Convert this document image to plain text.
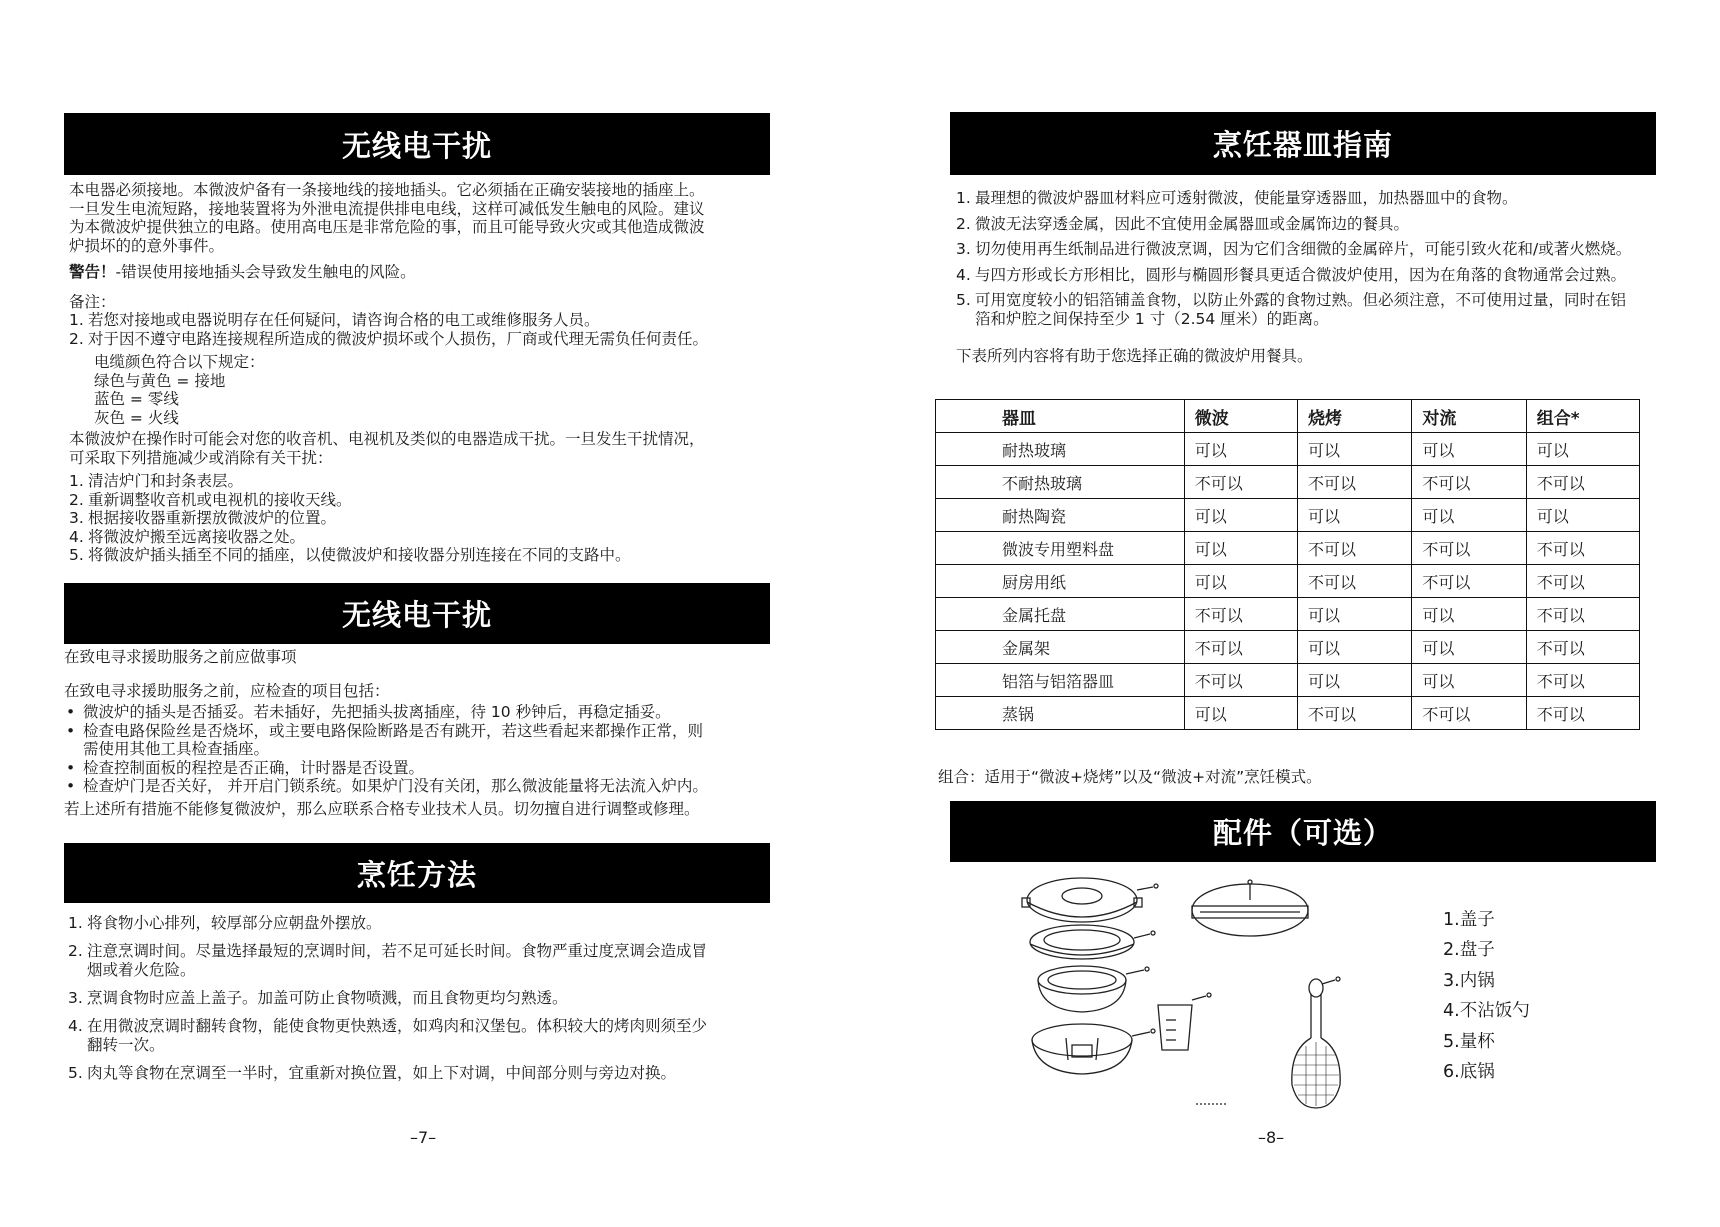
无线电干扰

本电器必须接地。本微波炉备有一条接地线的接地插头。它必须插在正确安装接地的插座上。

一旦发生电流短路，接地装置将为外泄电流提供排电电线，这样可减低发生触电的风险。建议

为本微波炉提供独立的电路。使用高电压是非常危险的事，而且可能导致火灾或其他造成微波

炉损坏的的意外事件。

警告！-错误使用接地插头会导致发生触电的风险。

备注：

1. 若您对接地或电器说明存在任何疑问，请咨询合格的电工或维修服务人员。
2. 对于因不遵守电路连接规程所造成的微波炉损坏或个人损伤，厂商或代理无需负任何责任。

电缆颜色符合以下规定：

绿色与黄色 = 接地

蓝色 = 零线

灰色 = 火线

本微波炉在操作时可能会对您的收音机、电视机及类似的电器造成干扰。一旦发生干扰情况，

可采取下列措施减少或消除有关干扰：

1. 清洁炉门和封条表层。
2. 重新调整收音机或电视机的接收天线。
3. 根据接收器重新摆放微波炉的位置。
4. 将微波炉搬至远离接收器之处。
5. 将微波炉插头插至不同的插座，以使微波炉和接收器分别连接在不同的支路中。
无线电干扰

在致电寻求援助服务之前应做事项

在致电寻求援助服务之前，应检查的项目包括：

• 微波炉的插头是否插妥。若未插好，先把插头拔离插座，待 10 秒钟后，再稳定插妥。
• 检查电路保险丝是否烧坏，或主要电路保险断路是否有跳开，若这些看起来都操作正常，则
需使用其他工具检查插座。
• 检查控制面板的程控是否正确，计时器是否设置。
• 检查炉门是否关好， 并开启门锁系统。如果炉门没有关闭，那么微波能量将无法流入炉内。

若上述所有措施不能修复微波炉，那么应联系合格专业技术人员。切勿擅自进行调整或修理。

烹饪方法
1. 将食物小心排列，较厚部分应朝盘外摆放。
2. 注意烹调时间。尽量选择最短的烹调时间，若不足可延长时间。食物严重过度烹调会造成冒
烟或着火危险。
3. 烹调食物时应盖上盖子。加盖可防止食物喷溅，而且食物更均匀熟透。
4. 在用微波烹调时翻转食物，能使食物更快熟透，如鸡肉和汉堡包。体积较大的烤肉则须至少
翻转一次。
5. 肉丸等食物在烹调至一半时，宜重新对换位置，如上下对调，中间部分则与旁边对换。
–7–
烹饪器皿指南
1. 最理想的微波炉器皿材料应可透射微波，使能量穿透器皿，加热器皿中的食物。
2. 微波无法穿透金属，因此不宜使用金属器皿或金属饰边的餐具。
3. 切勿使用再生纸制品进行微波烹调，因为它们含细微的金属碎片，可能引致火花和/或著火燃烧。
4. 与四方形或长方形相比，圆形与椭圆形餐具更适合微波炉使用，因为在角落的食物通常会过熟。
5. 可用宽度较小的铝箔铺盖食物，以防止外露的食物过熟。但必须注意，不可使用过量，同时在铝
箔和炉腔之间保持至少 1 寸（2.54 厘米）的距离。

下表所列内容将有助于您选择正确的微波炉用餐具。

器皿	微波	烧烤	对流	组合*
耐热玻璃	可以	可以	可以	可以
不耐热玻璃	不可以	不可以	不可以	不可以
耐热陶瓷	可以	可以	可以	可以
微波专用塑料盘	可以	不可以	不可以	不可以
厨房用纸	可以	不可以	不可以	不可以
金属托盘	不可以	可以	可以	不可以
金属架	不可以	可以	可以	不可以
铝箔与铝箔器皿	不可以	可以	可以	不可以
蒸锅	可以	不可以	不可以	不可以
组合：适用于“微波+烧烤”以及“微波+对流”烹饪模式。
配件（可选）
1.盖子
2.盘子
3.内锅
4.不沾饭勺
5.量杯
6.底锅
–8–
